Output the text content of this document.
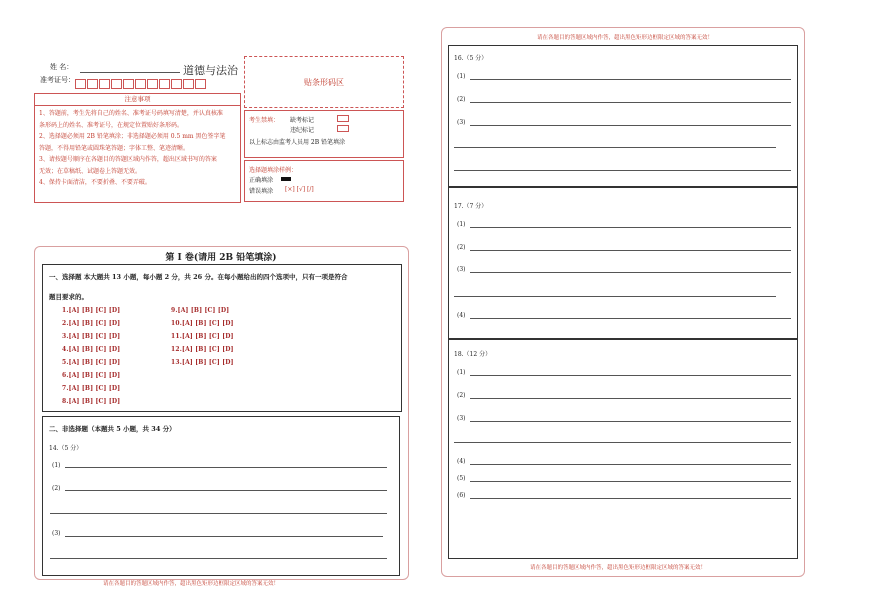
姓 名：	道德与法治
准考证号：
注意事项
1、答题前，考生先将自己的姓名、准考证号码填写清楚，并认真核准
条形码上的姓名、准考证号，在规定位置贴好条形码。
2、选择题必须用 2B 铅笔填涂；非选择题必须用 0.5 mm 黑色签字笔
答题，不得用铅笔或圆珠笔答题；字体工整、笔迹清晰。
3、请按题号顺序在各题目的答题区域内作答，超出区域书写的答案
无效；在草稿纸、试题卷上答题无效。
4、保持卡面清洁，不要折叠、不要弄破。
贴条形码区
考生禁填： 缺考标记
违纪标记
以上标志由监考人员用 2B 铅笔填涂
选择题填涂样例：
正确填涂
错误填涂 [×] [√] [/]
第 I 卷(请用 2B 铅笔填涂)
一、选择题 本大题共 13 小题，每小题 2 分，共 26 分。在每小题给出的四个选项中，只有一项是符合
题目要求的。
1.[A] [B] [C] [D]
2.[A] [B] [C] [D]
3.[A] [B] [C] [D]
4.[A] [B] [C] [D]
5.[A] [B] [C] [D]
6.[A] [B] [C] [D]
7.[A] [B] [C] [D]
8.[A] [B] [C] [D]
9.[A] [B] [C] [D]
10.[A] [B] [C] [D]
11.[A] [B] [C] [D]
12.[A] [B] [C] [D]
13.[A] [B] [C] [D]
二、非选择题（本题共 5 小题，共 34 分）
14.（5 分）
(1)
(2)
(3)
请在各题目的答题区域内作答，超出黑色矩形边框限定区域的答案无效！
请在各题目的答题区域内作答，超出黑色矩形边框限定区域的答案无效！
16.（5 分）
(1)
(2)
(3)
17.（7 分）
(1)
(2)
(3)
(4)
18.（12 分）
(1)
(2)
(3)
(4)
(5)
(6)
请在各题目的答题区域内作答，超出黑色矩形边框限定区域的答案无效！
